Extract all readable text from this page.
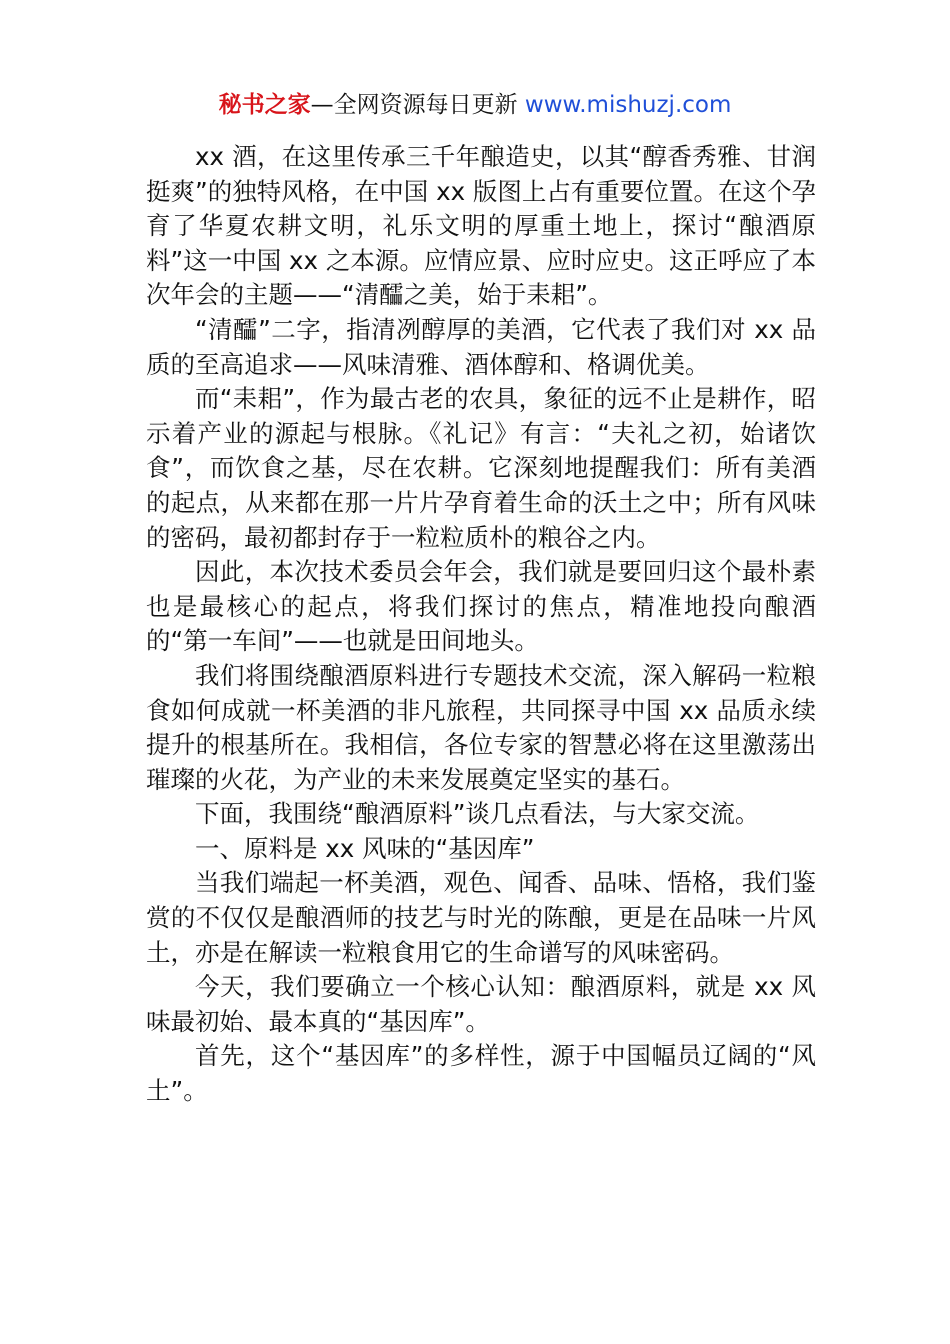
秘书之家—全网资源每日更新 www.mishuzj.com

xx 酒，在这里传承三千年酿造史，以其“醇香秀雅、甘润挺爽”的独特风格，在中国 xx 版图上占有重要位置。在这个孕育了华夏农耕文明，礼乐文明的厚重土地上，探讨“酿酒原料”这一中国 xx 之本源。应情应景、应时应史。这正呼应了本次年会的主题——“清醽之美，始于耒耜”。

“清醽”二字，指清冽醇厚的美酒，它代表了我们对 xx 品质的至高追求——风味清雅、酒体醇和、格调优美。

而“耒耜”，作为最古老的农具，象征的远不止是耕作，昭示着产业的源起与根脉。《礼记》有言：“夫礼之初，始诸饮食”，而饮食之基，尽在农耕。它深刻地提醒我们：所有美酒的起点，从来都在那一片片孕育着生命的沃土之中；所有风味的密码，最初都封存于一粒粒质朴的粮谷之内。

因此，本次技术委员会年会，我们就是要回归这个最朴素也是最核心的起点，将我们探讨的焦点，精准地投向酿酒的“第一车间”——也就是田间地头。

我们将围绕酿酒原料进行专题技术交流，深入解码一粒粮食如何成就一杯美酒的非凡旅程，共同探寻中国 xx 品质永续提升的根基所在。我相信，各位专家的智慧必将在这里激荡出璀璨的火花，为产业的未来发展奠定坚实的基石。

下面，我围绕“酿酒原料”谈几点看法，与大家交流。

一、原料是 xx 风味的“基因库”

当我们端起一杯美酒，观色、闻香、品味、悟格，我们鉴赏的不仅仅是酿酒师的技艺与时光的陈酿，更是在品味一片风土，亦是在解读一粒粮食用它的生命谱写的风味密码。

今天，我们要确立一个核心认知：酿酒原料，就是 xx 风味最初始、最本真的“基因库”。

首先，这个“基因库”的多样性，源于中国幅员辽阔的“风土”。
